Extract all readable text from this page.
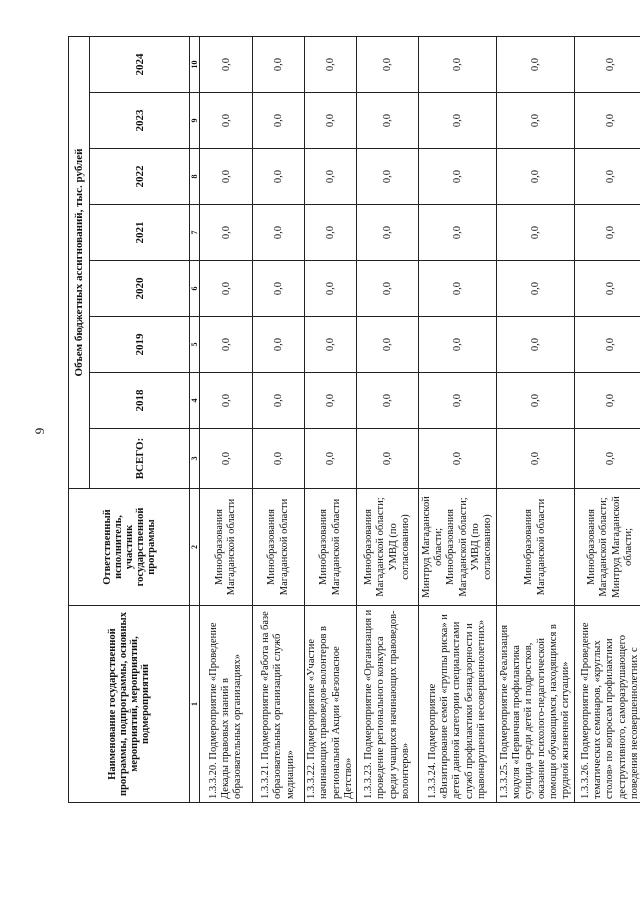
9
Наименование государственной программы, подпрограммы, основных мероприятий, мероприятий, подмероприятий	Ответственный исполнитель, участник государственной программы	Объем бюджетных ассигнований, тыс. рублей							
		ВСЕГО:	2018	2019	2020	2021	2022	2023	2024
1	2	3	4	5	6	7	8	9	10
1.3.3.20. Подмероприятие «Проведение Декады правовых знаний в образовательных организациях»	Минобразования Магаданской области	0,0	0,0	0,0	0,0	0,0	0,0	0,0	0,0
1.3.3.21. Подмероприятие «Работа на базе образовательных организаций служб медиации»	Минобразования Магаданской области	0,0	0,0	0,0	0,0	0,0	0,0	0,0	0,0
1.3.3.22. Подмероприятие «Участие начинающих правоведов-волонтеров в региональной Акции «Безопасное Детство»	Минобразования Магаданской области	0,0	0,0	0,0	0,0	0,0	0,0	0,0	0,0
1.3.3.23. Подмероприятие «Организация и проведение регионального конкурса среди учащихся начинающих правоведов-волонтеров»	Минобразования Магаданской области; УМВД (по согласованию)	0,0	0,0	0,0	0,0	0,0	0,0	0,0	0,0
1.3.3.24. Подмероприятие «Визитирование семей «группы риска» и детей данной категории специалистами служб профилактики безнадзорности и правонарушений несовершеннолетних»	Минтруд Магаданской области; Минобразования Магаданской области; УМВД (по согласованию)	0,0	0,0	0,0	0,0	0,0	0,0	0,0	0,0
1.3.3.25. Подмероприятие «Реализация модуля «Первичная профилактика суицида среди детей и подростков, оказание психолого-педагогической помощи обучающимся, находящимся в трудной жизненной ситуации»	Минобразования Магаданской области	0,0	0,0	0,0	0,0	0,0	0,0	0,0	0,0
1.3.3.26. Подмероприятие «Проведение тематических семинаров, «круглых столов» по вопросам профилактики деструктивного, саморазрушающего поведения несовершеннолетних с	Минобразования Магаданской области; Минтруд Магаданской области;	0,0	0,0	0,0	0,0	0,0	0,0	0,0	0,0
